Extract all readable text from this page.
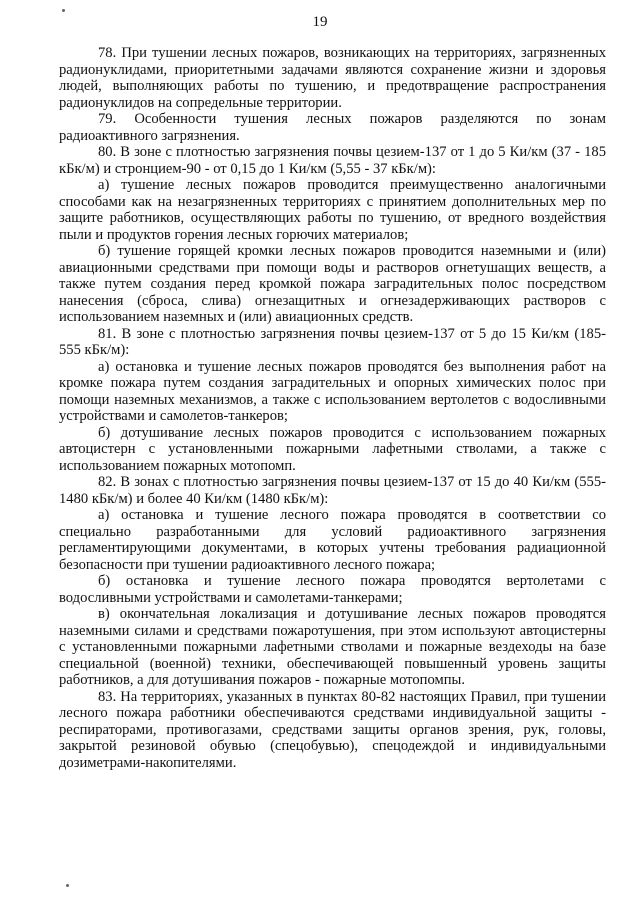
19

78. При тушении лесных пожаров, возникающих на территориях, загрязненных радионуклидами, приоритетными задачами являются сохранение жизни и здоровья людей, выполняющих работы по тушению, и предотвращение распространения радионуклидов на сопредельные территории.

79. Особенности тушения лесных пожаров разделяются по зонам радиоактивного загрязнения.

80. В зоне с плотностью загрязнения почвы цезием-137 от 1 до 5 Ки/км (37 - 185 кБк/м) и стронцием-90 - от 0,15 до 1 Ки/км (5,55 - 37 кБк/м):

а) тушение лесных пожаров проводится преимущественно аналогичными способами как на незагрязненных территориях с принятием дополнительных мер по защите работников, осуществляющих работы по тушению, от вредного воздействия пыли и продуктов горения лесных горючих материалов;

б) тушение горящей кромки лесных пожаров проводится наземными и (или) авиационными средствами при помощи воды и растворов огнетушащих веществ, а также путем создания перед кромкой пожара заградительных полос посредством нанесения (сброса, слива) огнезащитных и огнезадерживающих растворов с использованием наземных и (или) авиационных средств.

81. В зоне с плотностью загрязнения почвы цезием-137 от 5 до 15 Ки/км (185-555 кБк/м):

а) остановка и тушение лесных пожаров проводятся без выполнения работ на кромке пожара путем создания заградительных и опорных химических полос при помощи наземных механизмов, а также с использованием вертолетов с водосливными устройствами и самолетов-танкеров;

б) дотушивание лесных пожаров проводится с использованием пожарных автоцистерн с установленными пожарными лафетными стволами, а также с использованием пожарных мотопомп.

82. В зонах с плотностью загрязнения почвы цезием-137 от 15 до 40 Ки/км (555-1480 кБк/м) и более 40 Ки/км (1480 кБк/м):

а) остановка и тушение лесного пожара проводятся в соответствии со специально разработанными для условий радиоактивного загрязнения регламентирующими документами, в которых учтены требования радиационной безопасности при тушении радиоактивного лесного пожара;

б) остановка и тушение лесного пожара проводятся вертолетами с водосливными устройствами и самолетами-танкерами;

в) окончательная локализация и дотушивание лесных пожаров проводятся наземными силами и средствами пожаротушения, при этом используют автоцистерны с установленными пожарными лафетными стволами и пожарные вездеходы на базе специальной (военной) техники, обеспечивающей повышенный уровень защиты работников, а для дотушивания пожаров - пожарные мотопомпы.

83. На территориях, указанных в пунктах 80-82 настоящих Правил, при тушении лесного пожара работники обеспечиваются средствами индивидуальной защиты - респираторами, противогазами, средствами защиты органов зрения, рук, головы, закрытой резиновой обувью (спецобувью), спецодеждой и индивидуальными дозиметрами-накопителями.
